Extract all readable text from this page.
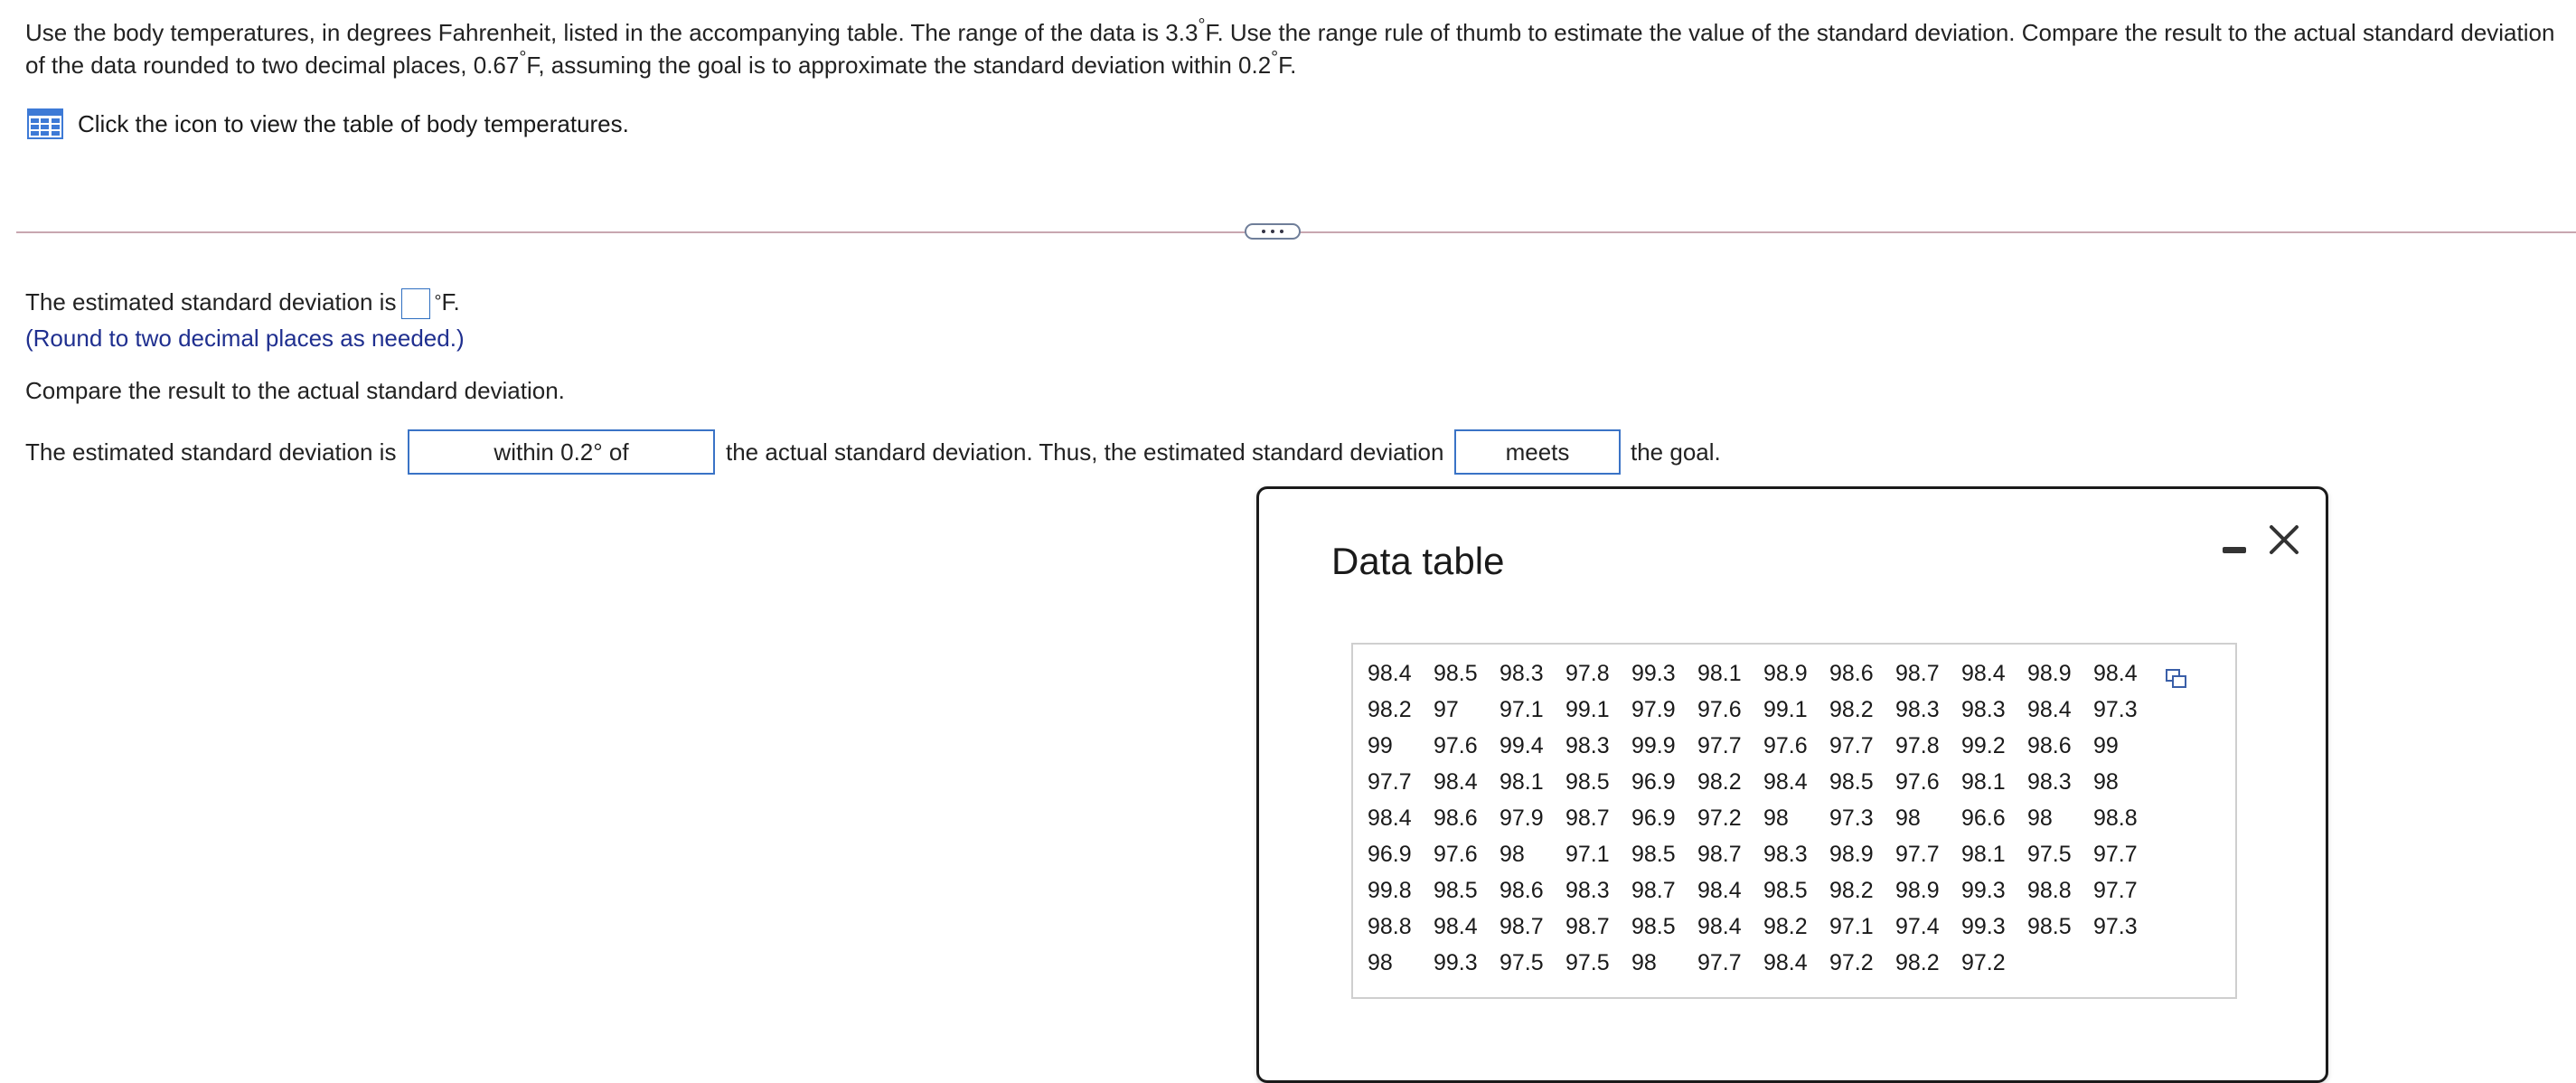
Use the body temperatures, in degrees Fahrenheit, listed in the accompanying table. The range of the data is 3.3°F. Use the range rule of thumb to estimate the value of the standard deviation. Compare the result to the actual standard deviation
of the data rounded to two decimal places, 0.67°F, assuming the goal is to approximate the standard deviation within 0.2°F.
Click the icon to view the table of body temperatures.
The estimated standard deviation is °F.
(Round to two decimal places as needed.)
Compare the result to the actual standard deviation.
The estimated standard deviation is	within 0.2° of	the actual standard deviation. Thus, the estimated standard deviation	meets	the goal.
Data table
98.4	98.5	98.3	97.8	99.3	98.1	98.9	98.6	98.7	98.4	98.9	98.4
98.2	97	97.1	99.1	97.9	97.6	99.1	98.2	98.3	98.3	98.4	97.3
99	97.6	99.4	98.3	99.9	97.7	97.6	97.7	97.8	99.2	98.6	99
97.7	98.4	98.1	98.5	96.9	98.2	98.4	98.5	97.6	98.1	98.3	98
98.4	98.6	97.9	98.7	96.9	97.2	98	97.3	98	96.6	98	98.8
96.9	97.6	98	97.1	98.5	98.7	98.3	98.9	97.7	98.1	97.5	97.7
99.8	98.5	98.6	98.3	98.7	98.4	98.5	98.2	98.9	99.3	98.8	97.7
98.8	98.4	98.7	98.7	98.5	98.4	98.2	97.1	97.4	99.3	98.5	97.3
98	99.3	97.5	97.5	98	97.7	98.4	97.2	98.2	97.2		
